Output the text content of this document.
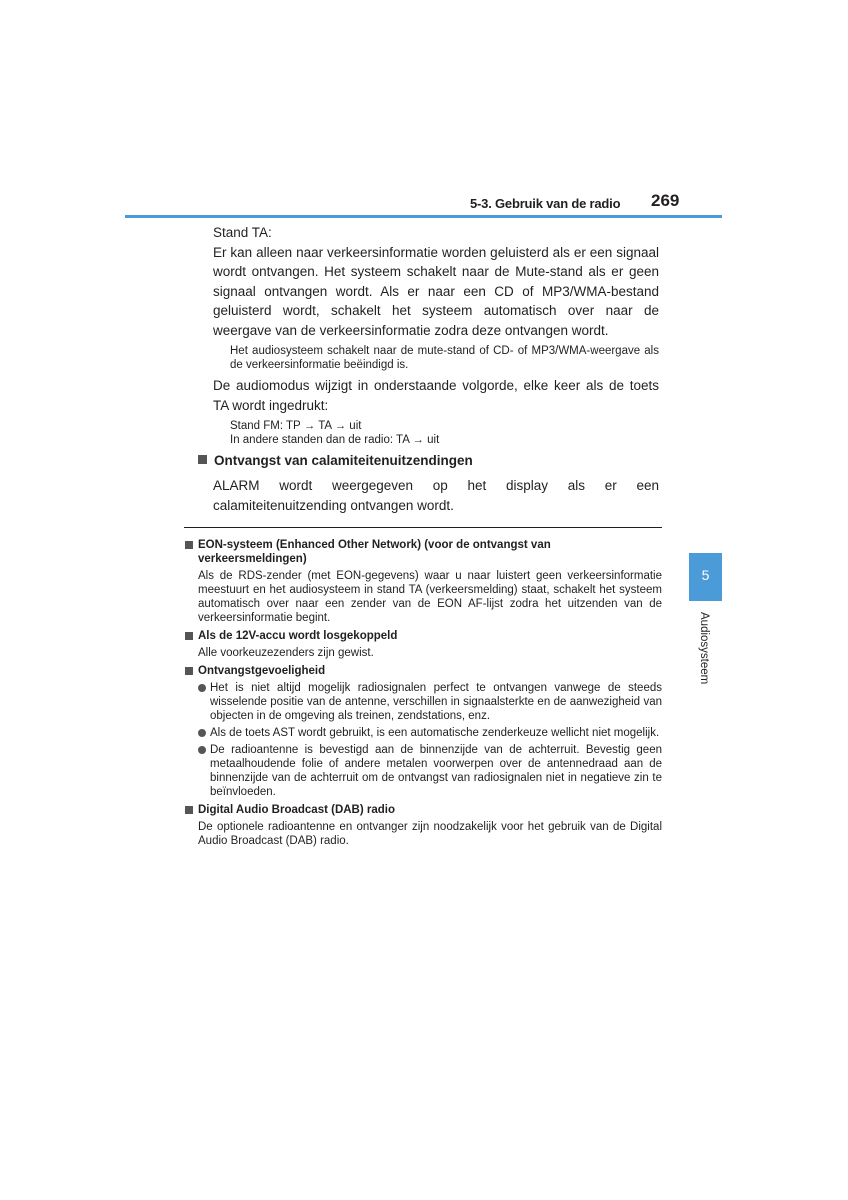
5-3. Gebruik van de radio 269
5
Audiosysteem

Stand TA:

Er kan alleen naar verkeersinformatie worden geluisterd als er een signaal wordt ontvangen. Het systeem schakelt naar de Mute-stand als er geen signaal ontvangen wordt. Als er naar een CD of MP3/WMA-bestand geluisterd wordt, schakelt het systeem automatisch over naar de weergave van de verkeersinformatie zodra deze ontvangen wordt.

Het audiosysteem schakelt naar de mute-stand of CD- of MP3/WMA-weergave als de verkeersinformatie beëindigd is.

De audiomodus wijzigt in onderstaande volgorde, elke keer als de toets TA wordt ingedrukt:

Stand FM: TP → TA → uit

In andere standen dan de radio: TA → uit

Ontvangst van calamiteitenuitzendingen
ALARM wordt weergegeven op het display als er een calamiteitenuitzending ontvangen wordt.
EON-systeem (Enhanced Other Network) (voor de ontvangst van verkeersmeldingen)
Als de RDS-zender (met EON-gegevens) waar u naar luistert geen verkeersinformatie meestuurt en het audiosysteem in stand TA (verkeersmelding) staat, schakelt het systeem automatisch over naar een zender van de EON AF-lijst zodra het uitzenden van de verkeersinformatie begint.
Als de 12V-accu wordt losgekoppeld
Alle voorkeuzezenders zijn gewist.
Ontvangstgevoeligheid
Het is niet altijd mogelijk radiosignalen perfect te ontvangen vanwege de steeds wisselende positie van de antenne, verschillen in signaalsterkte en de aanwezigheid van objecten in de omgeving als treinen, zendstations, enz.
Als de toets AST wordt gebruikt, is een automatische zenderkeuze wellicht niet mogelijk.
De radioantenne is bevestigd aan de binnenzijde van de achterruit. Bevestig geen metaalhoudende folie of andere metalen voorwerpen over de antennedraad aan de binnenzijde van de achterruit om de ontvangst van radiosignalen niet in negatieve zin te beïnvloeden.
Digital Audio Broadcast (DAB) radio
De optionele radioantenne en ontvanger zijn noodzakelijk voor het gebruik van de Digital Audio Broadcast (DAB) radio.
